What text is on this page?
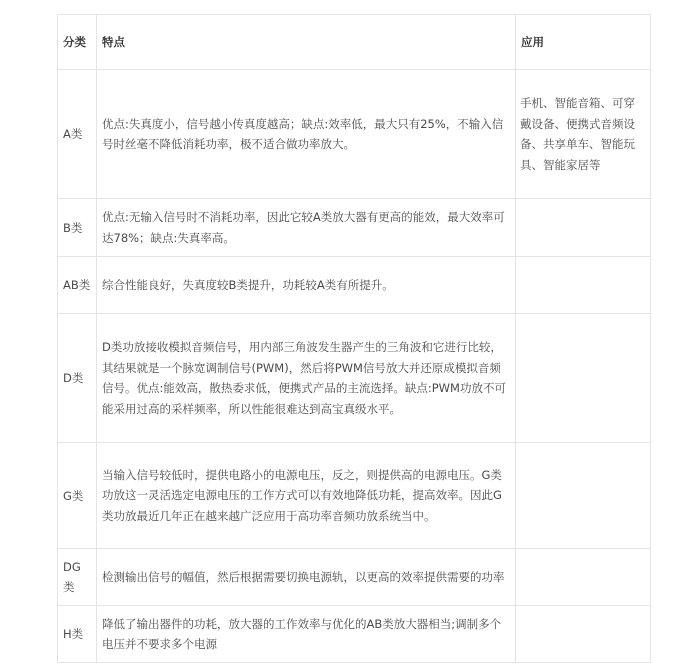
分类	特点	应用
A类	优点:失真度小，信号越小传真度越高；缺点:效率低，最大只有25%，不输入信号时丝毫不降低消耗功率，极不适合做功率放大。	手机、智能音箱、可穿戴设备、便携式音频设备、共享单车、智能玩具、智能家居等
B类	优点:无输入信号时不消耗功率，因此它较A类放大器有更高的能效，最大效率可达78%；缺点:失真率高。	
AB类	综合性能良好，失真度较B类提升，功耗较A类有所提升。	
D类	D类功放接收模拟音频信号，用内部三角波发生器产生的三角波和它进行比较，其结果就是一个脉宽调制信号(PWM)，然后将PWM信号放大并还原成模拟音频信号。优点:能效高，散热委求低，便携式产品的主流选择。缺点:PWM功放不可能采用过高的采样频率，所以性能很难达到高宝真级水平。	
G类	当输入信号较低时，提供电路小的电源电压，反之，则提供高的电源电压。G类功放这一灵活选定电源电压的工作方式可以有效地降低功耗，提高效率。因此G类功放最近几年正在越来越广泛应用于高功率音频功放系统当中。	
DG类	检测输出信号的幅值，然后根据需要切换电源轨，以更高的效率提供需要的功率	
H类	降低了输出器件的功耗，放大器的工作效率与优化的AB类放大器相当;调制多个电压并不要求多个电源	
